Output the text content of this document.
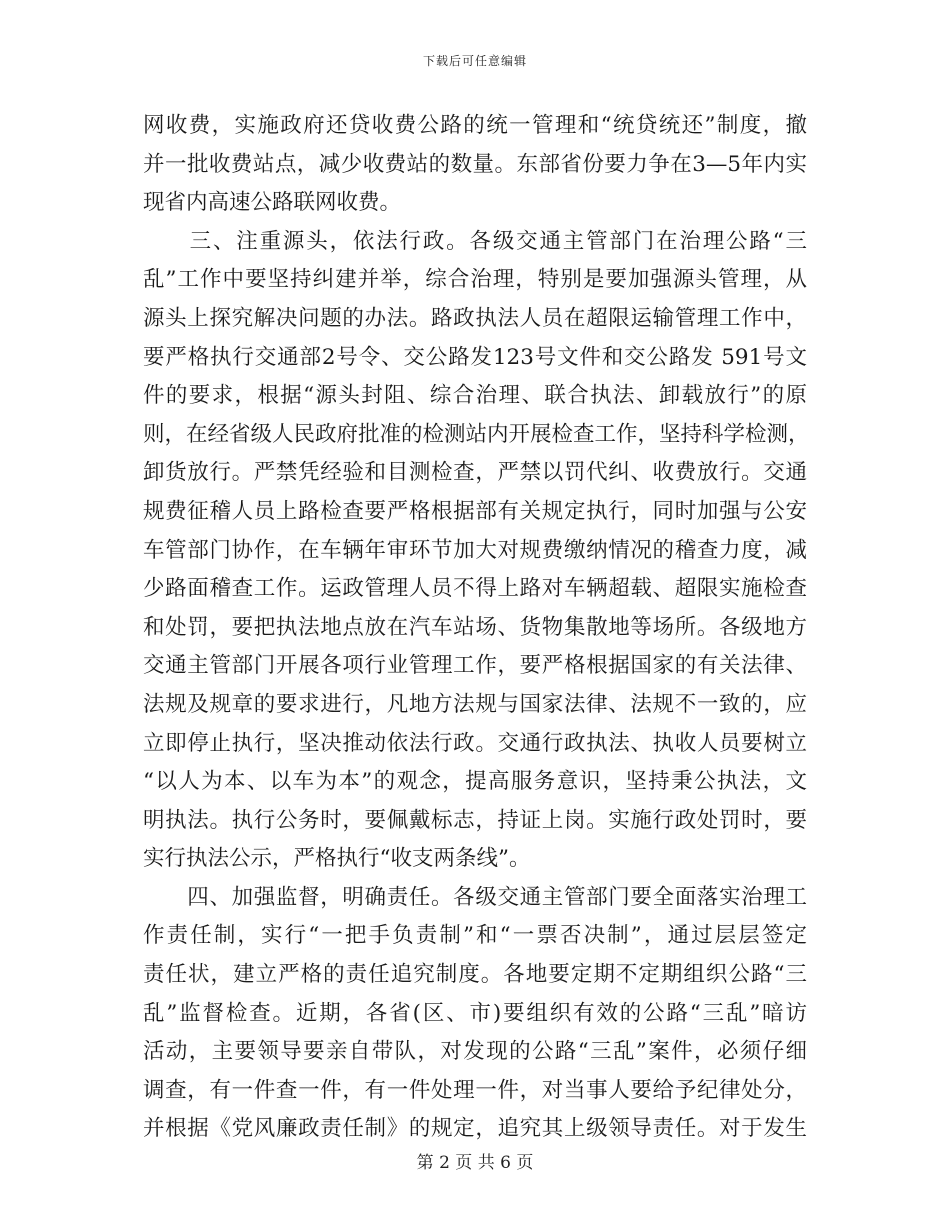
下载后可任意编辑
网收费，实施政府还贷收费公路的统一管理和“统贷统还”制度，撤
并一批收费站点，减少收费站的数量。东部省份要力争在3—5年内实
现省内高速公路联网收费。
　　三、注重源头，依法行政。各级交通主管部门在治理公路“三
乱”工作中要坚持纠建并举，综合治理，特别是要加强源头管理，从
源头上探究解决问题的办法。路政执法人员在超限运输管理工作中，
要严格执行交通部2号令、交公路发123号文件和交公路发 591号文
件的要求，根据“源头封阻、综合治理、联合执法、卸载放行”的原
则，在经省级人民政府批准的检测站内开展检查工作，坚持科学检测，
卸货放行。严禁凭经验和目测检查，严禁以罚代纠、收费放行。交通
规费征稽人员上路检查要严格根据部有关规定执行，同时加强与公安
车管部门协作，在车辆年审环节加大对规费缴纳情况的稽查力度，减
少路面稽查工作。运政管理人员不得上路对车辆超载、超限实施检查
和处罚，要把执法地点放在汽车站场、货物集散地等场所。各级地方
交通主管部门开展各项行业管理工作，要严格根据国家的有关法律、
法规及规章的要求进行，凡地方法规与国家法律、法规不一致的，应
立即停止执行，坚决推动依法行政。交通行政执法、执收人员要树立
“以人为本、以车为本”的观念，提高服务意识，坚持秉公执法，文
明执法。执行公务时，要佩戴标志，持证上岗。实施行政处罚时，要
实行执法公示，严格执行“收支两条线”。
　　四、加强监督，明确责任。各级交通主管部门要全面落实治理工
作责任制，实行“一把手负责制”和“一票否决制”，通过层层签定
责任状，建立严格的责任追究制度。各地要定期不定期组织公路“三
乱”监督检查。近期，各省(区、市)要组织有效的公路“三乱”暗访
活动，主要领导要亲自带队，对发现的公路“三乱”案件，必须仔细
调查，有一件查一件，有一件处理一件，对当事人要给予纪律处分，
并根据《党风廉政责任制》的规定，追究其上级领导责任。对于发生
第 2 页 共 6 页
